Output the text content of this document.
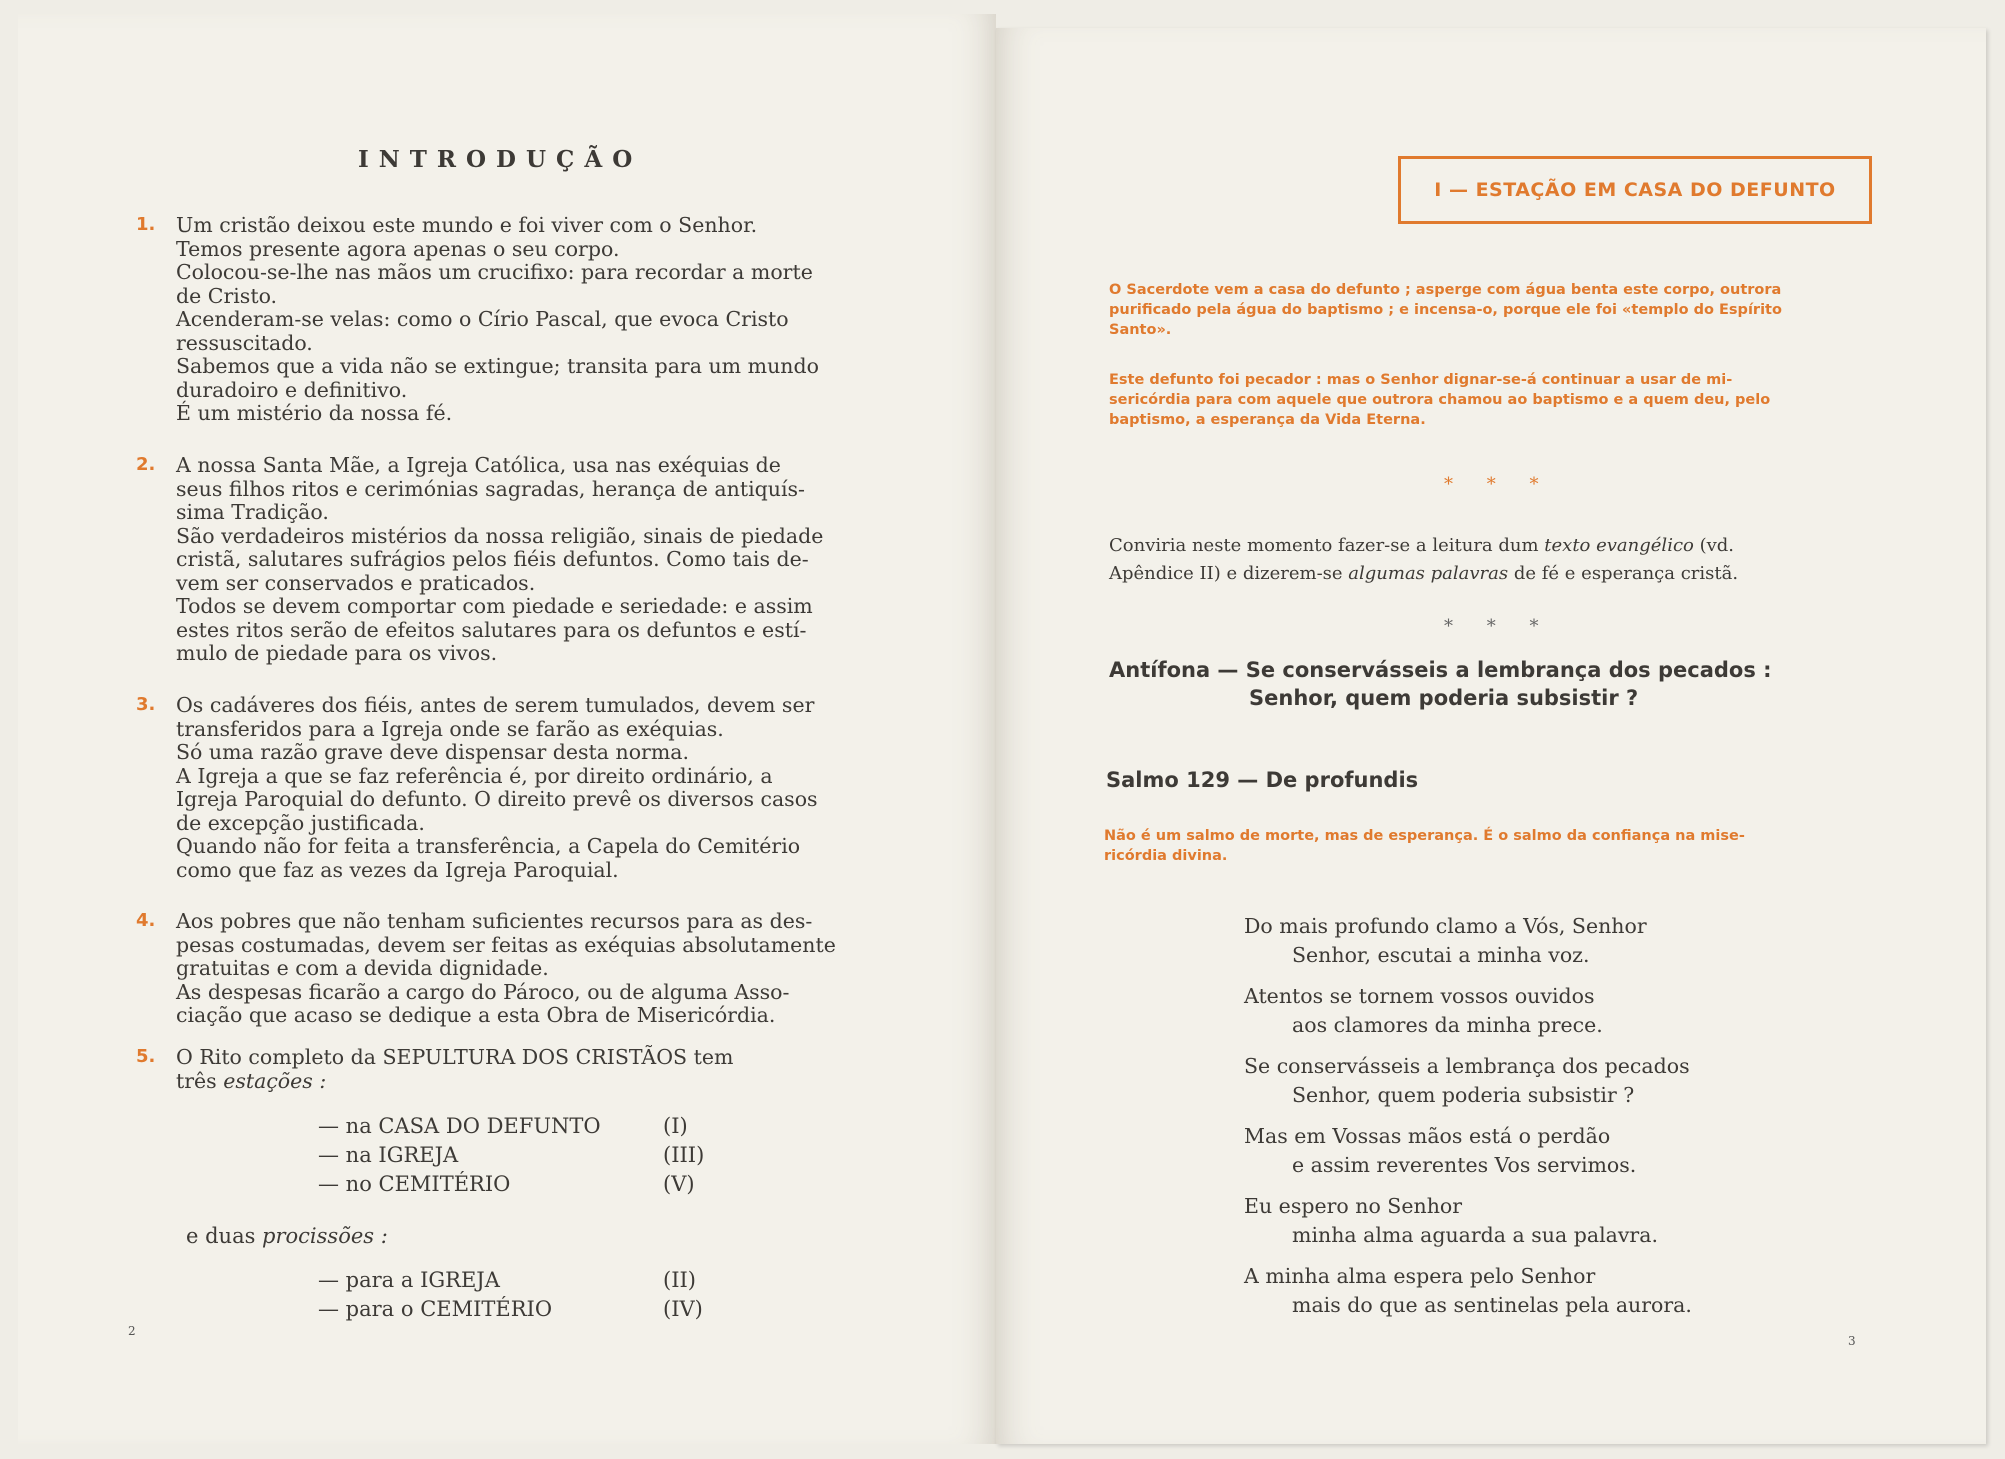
INTRODUÇÃO
1. Um cristão deixou este mundo e foi viver com o Senhor.
Temos presente agora apenas o seu corpo.
Colocou-se-lhe nas mãos um crucifixo: para recordar a morte
de Cristo.
Acenderam-se velas: como o Círio Pascal, que evoca Cristo
ressuscitado.
Sabemos que a vida não se extingue; transita para um mundo
duradoiro e definitivo.
É um mistério da nossa fé.
2. A nossa Santa Mãe, a Igreja Católica, usa nas exéquias de
seus filhos ritos e cerimónias sagradas, herança de antiquís-
sima Tradição.
São verdadeiros mistérios da nossa religião, sinais de piedade
cristã, salutares sufrágios pelos fiéis defuntos. Como tais de-
vem ser conservados e praticados.
Todos se devem comportar com piedade e seriedade: e assim
estes ritos serão de efeitos salutares para os defuntos e estí-
mulo de piedade para os vivos.
3. Os cadáveres dos fiéis, antes de serem tumulados, devem ser
transferidos para a Igreja onde se farão as exéquias.
Só uma razão grave deve dispensar desta norma.
A Igreja a que se faz referência é, por direito ordinário, a
Igreja Paroquial do defunto. O direito prevê os diversos casos
de excepção justificada.
Quando não for feita a transferência, a Capela do Cemitério
como que faz as vezes da Igreja Paroquial.
4. Aos pobres que não tenham suficientes recursos para as des-
pesas costumadas, devem ser feitas as exéquias absolutamente
gratuitas e com a devida dignidade.
As despesas ficarão a cargo do Pároco, ou de alguma Asso-
ciação que acaso se dedique a esta Obra de Misericórdia.
5. O Rito completo da SEPULTURA DOS CRISTÃOS tem
três estações :
— na CASA DO DEFUNTO	(I)
— na IGREJA	(III)
— no CEMITÉRIO	(V)
e duas procissões :
— para a IGREJA	(II)
— para o CEMITÉRIO	(IV)
2
I — ESTAÇÃO EM CASA DO DEFUNTO
O Sacerdote vem a casa do defunto ; asperge com água benta este corpo, outrora
purificado pela água do baptismo ; e incensa-o, porque ele foi «templo do Espírito
Santo».
Este defunto foi pecador : mas o Senhor dignar-se-á continuar a usar de mi-
sericórdia para com aquele que outrora chamou ao baptismo e a quem deu, pelo
baptismo, a esperança da Vida Eterna.
* * *
Conviria neste momento fazer-se a leitura dum texto evangélico (vd.
Apêndice II) e dizerem-se algumas palavras de fé e esperança cristã.
* * *
Antífona — Se conservásseis a lembrança dos pecados :
Senhor, quem poderia subsistir ?
Salmo 129 — De profundis
Não é um salmo de morte, mas de esperança. É o salmo da confiança na mise-
ricórdia divina.
Do mais profundo clamo a Vós, Senhor
Senhor, escutai a minha voz.
Atentos se tornem vossos ouvidos
aos clamores da minha prece.
Se conservásseis a lembrança dos pecados
Senhor, quem poderia subsistir ?
Mas em Vossas mãos está o perdão
e assim reverentes Vos servimos.
Eu espero no Senhor
minha alma aguarda a sua palavra.
A minha alma espera pelo Senhor
mais do que as sentinelas pela aurora.
3
